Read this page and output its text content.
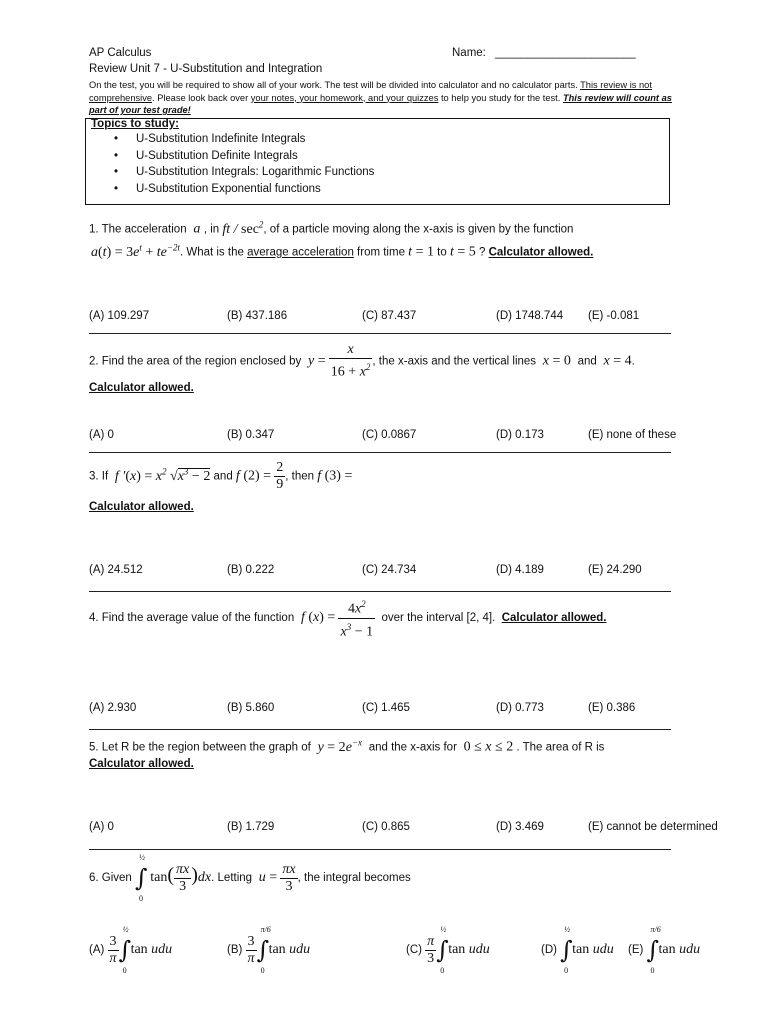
AP Calculus	Name: ______________________
Review Unit 7 - U-Substitution and Integration
On the test, you will be required to show all of your work. The test will be divided into calculator and no calculator parts. This review is not
comprehensive. Please look back over your notes, your homework, and your quizzes to help you study for the test. This review will count as
part of your test grade!
Topics to study:
• U-Substitution Indefinite Integrals
• U-Substitution Definite Integrals
• U-Substitution Integrals: Logarithmic Functions
• U-Substitution Exponential functions
1. The acceleration  a , in ft / $\sec^2$, of a particle moving along the x-axis is given by the function
$a(t) = 3e^t + te^{-2t}$. What is the average acceleration from time t = 1 to t = 5 ? Calculator allowed.
(A) 109.297	(B) 437.186	(C) 87.437	(D) 1748.744 (E) -0.081
2. Find the area of the region enclosed by  $y = \frac{x}{16 + x^2}$ , the x-axis and the vertical lines  x = 0 and  x = 4.
Calculator allowed.
(A) 0	(B) 0.347	(C) 0.0867	(D) 0.173	(E) none of these
3. If  f $'(x) = x^2$ $√x^3 - 2$ and f $(2) = \frac{2}{9}$ , then f (3) =
Calculator allowed.
(A) 24.512	(B) 0.222	(C) 24.734	(D) 4.189	(E) 24.290
4. Find the average value of the function  f $(x) = \frac{4x^2}{x^3 - 1}$ over the interval [2, 4]. Calculator allowed.
(A) 2.930	(B) 5.860	(C) 1.465	(D) 0.773	(E) 0.386
5. Let R be the region between the graph of  $y = 2e^{-x}$ and the x-axis for 0 ≤ x ≤ 2 . The area of R is
Calculator allowed.
(A) 0	(B) 1.729	(C) 0.865	(D) 3.469	(E) cannot be determined
6. Given ∫
½
0
$\tan( \frac{\pi x}{3} )dx$. Letting  $u = \frac{\pi x}{3}$ , the integral becomes
$(A) \frac{3}{\pi}$ ∫
½
0
tan udu	$(B) \frac{3}{\pi}$ ∫
π/6
0
tan udu	$(C) \frac{\pi}{3}$ ∫
½
0
tan udu	(D) ∫
½
0
tan udu (E) ∫
π/6
0
tan udu
